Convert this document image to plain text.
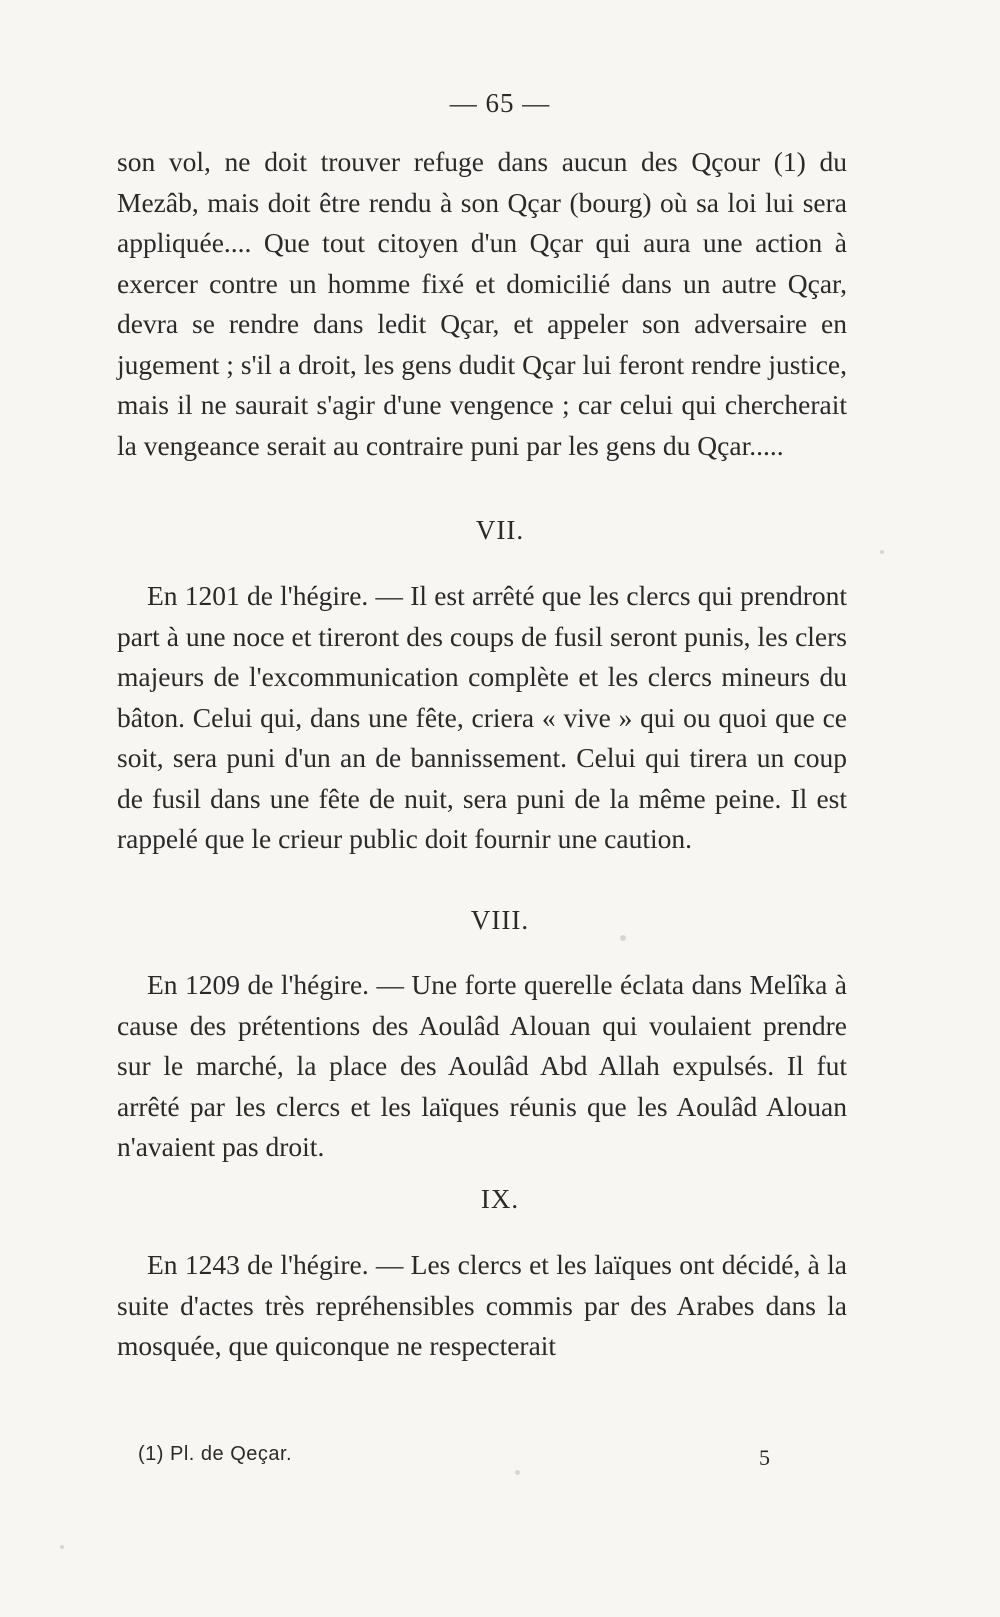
— 65 —

son vol, ne doit trouver refuge dans aucun des Qçour (1) du Mezâb, mais doit être rendu à son Qçar (bourg) où sa loi lui sera appliquée.... Que tout citoyen d'un Qçar qui aura une action à exercer contre un homme fixé et domicilié dans un autre Qçar, devra se rendre dans ledit Qçar, et appeler son adversaire en jugement ; s'il a droit, les gens dudit Qçar lui feront rendre justice, mais il ne saurait s'agir d'une vengence ; car celui qui chercherait la vengeance serait au contraire puni par les gens du Qçar.....

VII.

En 1201 de l'hégire. — Il est arrêté que les clercs qui prendront part à une noce et tireront des coups de fusil seront punis, les clers majeurs de l'excommunication complète et les clercs mineurs du bâton. Celui qui, dans une fête, criera « vive » qui ou quoi que ce soit, sera puni d'un an de bannissement. Celui qui tirera un coup de fusil dans une fête de nuit, sera puni de la même peine. Il est rappelé que le crieur public doit fournir une caution.

VIII.

En 1209 de l'hégire. — Une forte querelle éclata dans Melîka à cause des prétentions des Aoulâd Alouan qui voulaient prendre sur le marché, la place des Aoulâd Abd Allah expulsés. Il fut arrêté par les clercs et les laïques réunis que les Aoulâd Alouan n'avaient pas droit.

IX.

En 1243 de l'hégire. — Les clercs et les laïques ont décidé, à la suite d'actes très repréhensibles commis par des Arabes dans la mosquée, que quiconque ne respecterait

(1) Pl. de Qeçar.	5
